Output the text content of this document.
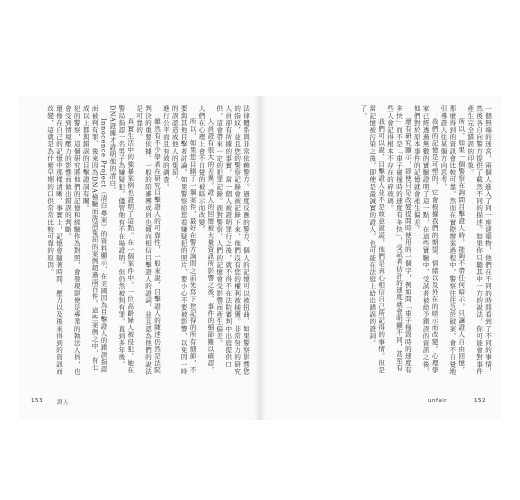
法律體系與非常依賴警方。過度反應的警方、個人的記憶可以被扭曲、如果警察影響您的指紋，並且您的警察記錄會被記錄下來，他們沒有您的權利被捕獲。非常努力的研究人員卻有所據的事實，當一個人被證明罪行之後，就不得不在法院審判中出庭提供口供，這會帶來一定的犯罪記錄。面對警察，人們的記憶會受影響而產生偏差。

人員證有很大的差異。證人的回憶被大量資訊所影響之後，事件的細節難以確認，人們在心理上會不自覺的被暗示而改變。

所以，如果您目睹了一個案件，最好在警方詢問之前先寫下您記得的所有細節，不要與其他目擊者討論。如果警察給您看嫌疑犯的照片，要小心不要被影響，以免因一時的誤認造成他人的冤屈。

進行公平而且有效的調查。

雖然有不少學者在研究目擊證人的可靠性，一般來說，目擊證人的陳述仍然是法院判決的重要依據。一般的陪審團成員也傾向相信目擊證人的證詞，並且認為他們的說法是可靠的。

真實生活中的強暴案例也證明了這點。在一個案件中，一位高齡婦人被侵犯，她在警局指認一名男子為嫌疑犯，儘管他有不在場證明，但仍然被判有罪。直到多年後，DNA證據才證明他的清白。

Innocence Project（清白專案）的資料顯示，在美國因為目擊證人的錯誤指認而被判有罪、後來因為DNA檢驗而洗清冤屈的案例超過兩百件。這些案例之中，有七成以上都與錯誤的目擊證詞有關。

犯的警察，這個研究將他們的記憶和經驗作為對照，會發現即使是專業的執法人員，也會受到情境壓力的影響而做出錯誤的判斷。

還像在自己的記憶中那樣清晰，事實上，記憶會隨著時間、壓力以及後來得到的資訊而改變，這就是為什麼早期的口供常常比較可靠的原因。

153	證人

一個無端的迷宮，兩個人進入了同一座建築物，他們在不同的時間看到了不同的事情，然後各自向警方提供了截然不同的描述。如果你只聽其中一方的說法，你可能會對事件產生完全錯誤的印象。

所以，如果一個警察在詢問目擊證人時，能夠不帶任何暗示，只讓證人自由回憶，那麼得到的資訊會比較可靠。然而在實際辦案過程中，警察往往急於破案，會不自覺地引導證人往某個方向思考。

我們的記憶是可塑的，它會根據我們的期望、情緒以及外在的暗示而改變。心理學家已經透過無數的實驗證明了這一點，在這些實驗中，受試者被給予錯誤的資訊之後，他們對於原本事件的記憶就會產生偏差。

還有研究顯示，即使只是改變提問時使用的一個字，例如問「車子撞毀時的速度有多快」而不是「車子碰撞時的速度有多快」，受試者估計的速度就會明顯不同，甚至有些人會記得根本不存在的碎玻璃。

我們可以說，目擊證人並不是故意說謊，他們是真心相信自己所記得的事情。但是當記憶被污染之後，即使是最誠實的證人，也可能在法庭上給出錯誤的證詞。

了。

unfair	152
